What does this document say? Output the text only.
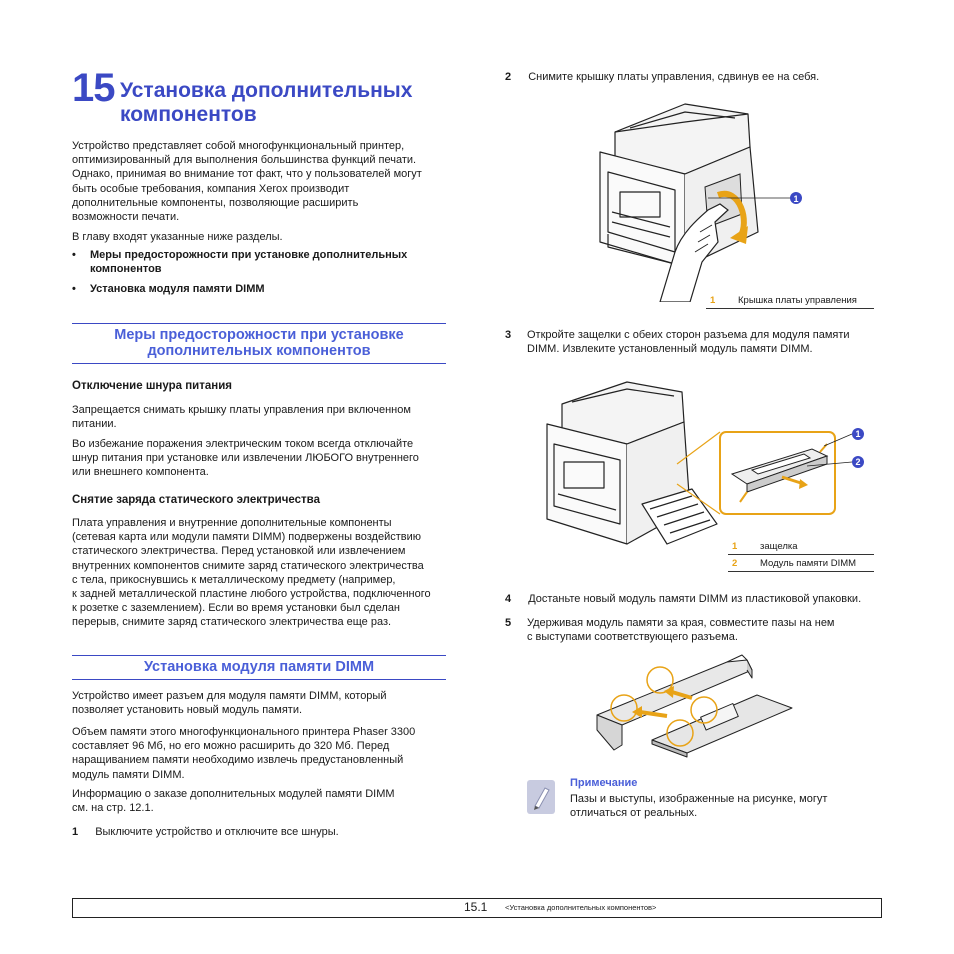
15 Установка дополнительных
компонентов
Устройство представляет собой многофункциональный принтер,
оптимизированный для выполнения большинства функций печати.
Однако, принимая во внимание тот факт, что у пользователей могут
быть особые требования, компания Xerox производит
дополнительные компоненты, позволяющие расширить
возможности печати.
В главу входят указанные ниже разделы.
•	Меры предосторожности при установке дополнительных
компонентов
•	Установка модуля памяти DIMM
Меры предосторожности при установке
дополнительных компонентов
Отключение шнура питания
Запрещается снимать крышку платы управления при включенном
питании.
Во избежание поражения электрическим током всегда отключайте
шнур питания при установке или извлечении ЛЮБОГО внутреннего
или внешнего компонента.
Снятие заряда статического электричества
Плата управления и внутренние дополнительные компоненты
(сетевая карта или модули памяти DIMM) подвержены воздействию
статического электричества. Перед установкой или извлечением
внутренних компонентов снимите заряд статического электричества
с тела, прикоснувшись к металлическому предмету (например,
к задней металлической пластине любого устройства, подключенного
к розетке с заземлением). Если во время установки был сделан
перерыв, снимите заряд статического электричества еще раз.
Установка модуля памяти DIMM
Устройство имеет разъем для модуля памяти DIMM, который
позволяет установить новый модуль памяти.
Объем памяти этого многофункционального принтера Phaser 3300
составляет 96 Мб, но его можно расширить до 320 Мб. Перед
наращиванием памяти необходимо извлечь предустановленный
модуль памяти DIMM.
Информацию о заказе дополнительных модулей памяти DIMM
см. на стр. 12.1.
1 Выключите устройство и отключите все шнуры.
2 Снимите крышку платы управления, сдвинув ее на себя.
1
1	Крышка платы управления
3	Откройте защелки с обеих сторон разъема для модуля памяти
DIMM. Извлеките установленный модуль памяти DIMM.
1
2
1	защелка
2	Модуль памяти DIMM
4 Достаньте новый модуль памяти DIMM из пластиковой упаковки.
5	Удерживая модуль памяти за края, совместите пазы на нем
с выступами соответствующего разъема.
Примечание
Пазы и выступы, изображенные на рисунке, могут
отличаться от реальных.
15.1 <Установка дополнительных компонентов>
